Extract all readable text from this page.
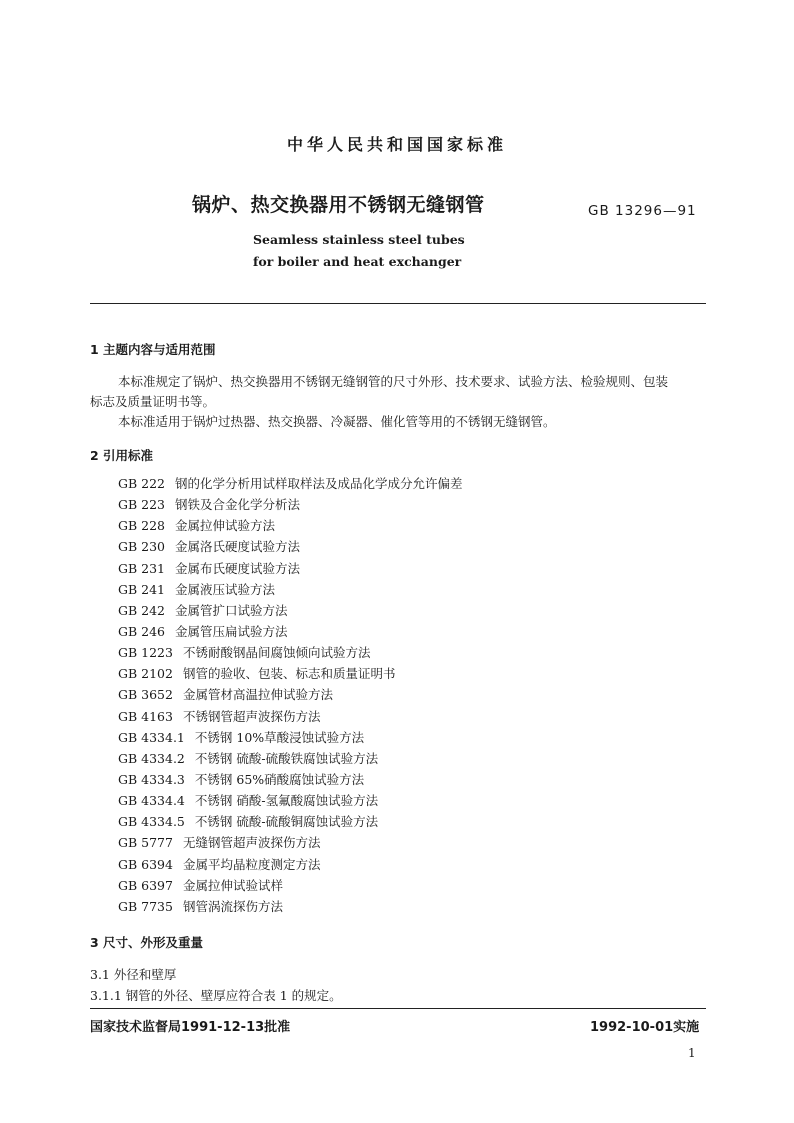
中华人民共和国国家标准
锅炉、热交换器用不锈钢无缝钢管	GB 13296—91
Seamless stainless steel tubes
for boiler and heat exchanger
1 主题内容与适用范围
本标准规定了锅炉、热交换器用不锈钢无缝钢管的尺寸外形、技术要求、试验方法、检验规则、包装
标志及质量证明书等。
本标准适用于锅炉过热器、热交换器、冷凝器、催化管等用的不锈钢无缝钢管。
2 引用标准
GB 222 钢的化学分析用试样取样法及成品化学成分允许偏差
GB 223 钢铁及合金化学分析法
GB 228 金属拉伸试验方法
GB 230 金属洛氏硬度试验方法
GB 231 金属布氏硬度试验方法
GB 241 金属液压试验方法
GB 242 金属管扩口试验方法
GB 246 金属管压扁试验方法
GB 1223 不锈耐酸钢晶间腐蚀倾向试验方法
GB 2102 钢管的验收、包装、标志和质量证明书
GB 3652 金属管材高温拉伸试验方法
GB 4163 不锈钢管超声波探伤方法
GB 4334.1 不锈钢 10%草酸浸蚀试验方法
GB 4334.2 不锈钢 硫酸-硫酸铁腐蚀试验方法
GB 4334.3 不锈钢 65%硝酸腐蚀试验方法
GB 4334.4 不锈钢 硝酸-氢氟酸腐蚀试验方法
GB 4334.5 不锈钢 硫酸-硫酸铜腐蚀试验方法
GB 5777 无缝钢管超声波探伤方法
GB 6394 金属平均晶粒度测定方法
GB 6397 金属拉伸试验试样
GB 7735 钢管涡流探伤方法
3 尺寸、外形及重量
3.1 外径和壁厚
3.1.1 钢管的外径、壁厚应符合表 1 的规定。
国家技术监督局1991-12-13批准	1992-10-01实施
1
